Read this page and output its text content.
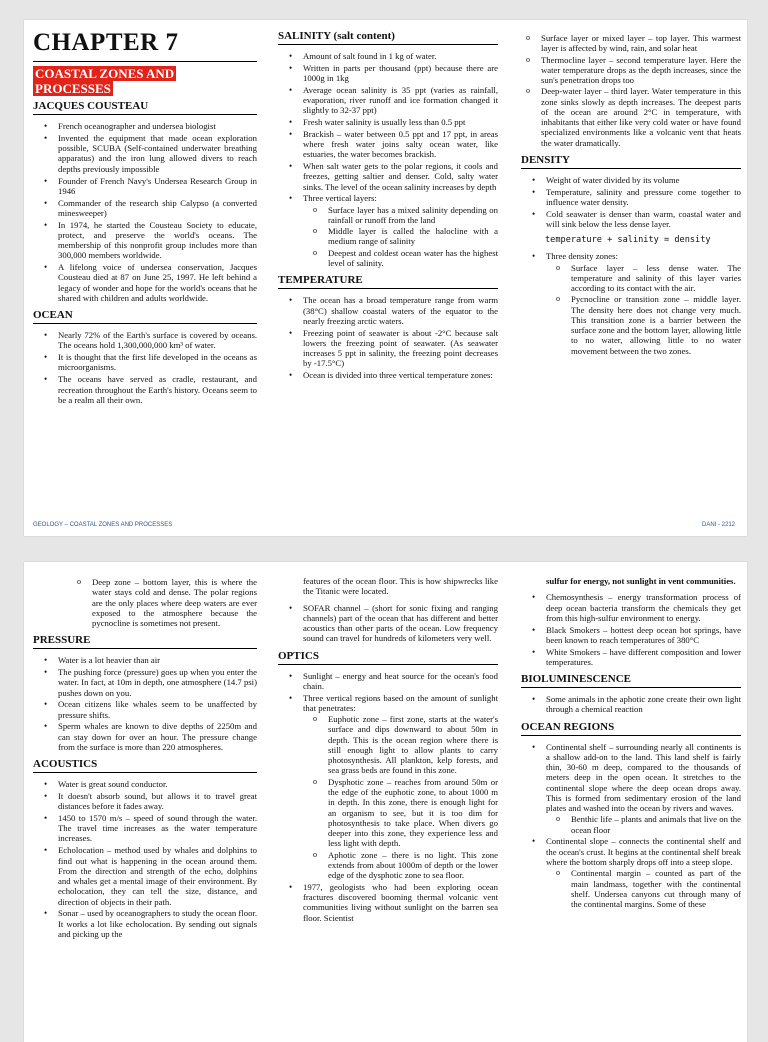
CHAPTER 7
COASTAL ZONES AND PROCESSES
JACQUES COUSTEAU
• French oceanographer and undersea biologist
• Invented the equipment that made ocean exploration possible, SCUBA (Self-contained underwater breathing apparatus) and the iron lung allowed divers to reach depths previously impossible
• Founder of French Navy's Undersea Research Group in 1946
• Commander of the research ship Calypso (a converted minesweeper)
• In 1974, he started the Cousteau Society to educate, protect, and preserve the world's oceans. The membership of this nonprofit group includes more than 300,000 members worldwide.
• A lifelong voice of undersea conservation, Jacques Cousteau died at 87 on June 25, 1997. He left behind a legacy of wonder and hope for the world's oceans that he shared with children and adults worldwide.
OCEAN
• Nearly 72% of the Earth's surface is covered by oceans. The oceans hold 1,300,000,000 km³ of water.
• It is thought that the first life developed in the oceans as microorganisms.
• The oceans have served as cradle, restaurant, and recreation throughout the Earth's history. Oceans seem to be a realm all their own.
SALINITY (salt content)
• Amount of salt found in 1 kg of water.
• Written in parts per thousand (ppt) because there are 1000g in 1kg
• Average ocean salinity is 35 ppt (varies as rainfall, evaporation, river runoff and ice formation changed it slightly to 32-37 ppt)
• Fresh water salinity is usually less than 0.5 ppt
• Brackish – water between 0.5 ppt and 17 ppt, in areas where fresh water joins salty ocean water, like estuaries, the water becomes brackish.
• When salt water gets to the polar regions, it cools and freezes, getting saltier and denser. Cold, salty water sinks. The level of the ocean salinity increases by depth
• Three vertical layers:
o Surface layer has a mixed salinity depending on rainfall or runoff from the land
o Middle layer is called the halocline with a medium range of salinity
o Deepest and coldest ocean water has the highest level of salinity.
TEMPERATURE
• The ocean has a broad temperature range from warm (38°C) shallow coastal waters of the equator to the nearly freezing arctic waters.
• Freezing point of seawater is about -2°C because salt lowers the freezing point of seawater. (As seawater increases 5 ppt in salinity, the freezing point decreases by -17.5°C)
• Ocean is divided into three vertical temperature zones:
o Surface layer or mixed layer – top layer. This warmest layer is affected by wind, rain, and solar heat
o Thermocline layer – second temperature layer. Here the water temperature drops as the depth increases, since the sun's penetration drops too
o Deep-water layer – third layer. Water temperature in this zone sinks slowly as depth increases. The deepest parts of the ocean are around 2°C in temperature, with inhabitants that either like very cold water or have found specialized environments like a volcanic vent that heats the water dramatically.
DENSITY
• Weight of water divided by its volume
• Temperature, salinity and pressure come together to influence water density.
• Cold seawater is denser than warm, coastal water and will sink below the less dense layer.
temperature + salinity = density
• Three density zones:
o Surface layer – less dense water. The temperature and salinity of this layer varies according to its contact with the air.
o Pycnocline or transition zone – middle layer. The density here does not change very much. This transition zone is a barrier between the surface zone and the bottom layer, allowing little to no water, allowing little to no water movement between the two zones.
GEOLOGY – COASTAL ZONES AND PROCESSES	DANI - 2212
o Deep zone – bottom layer, this is where the water stays cold and dense. The polar regions are the only places where deep waters are ever exposed to the atmosphere because the pycnocline is sometimes not present.
PRESSURE
• Water is a lot heavier than air
• The pushing force (pressure) goes up when you enter the water. In fact, at 10m in depth, one atmosphere (14.7 psi) pushes down on you.
• Ocean citizens like whales seem to be unaffected by pressure shifts.
• Sperm whales are known to dive depths of 2250m and can stay down for over an hour. The pressure change from the surface is more than 220 atmospheres.
ACOUSTICS
• Water is great sound conductor.
• It doesn't absorb sound, but allows it to travel great distances before it fades away.
• 1450 to 1570 m/s – speed of sound through the water. The travel time increases as the water temperature increases.
• Echolocation – method used by whales and dolphins to find out what is happening in the ocean around them. From the direction and strength of the echo, dolphins and whales get a mental image of their environment. By echolocation, they can tell the size, distance, and direction of objects in their path.
• Sonar – used by oceanographers to study the ocean floor. It works a lot like echolocation. By sending out signals and picking up the
features of the ocean floor. This is how shipwrecks like the Titanic were located.
• SOFAR channel – (short for sonic fixing and ranging channels) part of the ocean that has different and better acoustics than other parts of the ocean. Low frequency sound can travel for hundreds of kilometers very well.
OPTICS
• Sunlight – energy and heat source for the ocean's food chain.
• Three vertical regions based on the amount of sunlight that penetrates:
o Euphotic zone – first zone, starts at the water's surface and dips downward to about 50m in depth. This is the ocean region where there is still enough light to allow plants to carry photosynthesis. All plankton, kelp forests, and sea grass beds are found in this zone.
o Dysphotic zone – reaches from around 50m or the edge of the euphotic zone, to about 1000 m in depth. In this zone, there is enough light for an organism to see, but it is too dim for photosynthesis to take place. When divers go deeper into this zone, they experience less and less light with depth.
o Aphotic zone – there is no light. This zone extends from about 1000m of depth or the lower edge of the dysphotic zone to sea floor.
• 1977, geologists who had been exploring ocean fractures discovered booming thermal volcanic vent communities living without sunlight on the barren sea floor. Scientist
sulfur for energy, not sunlight in vent communities.
• Chemosynthesis – energy transformation process of deep ocean bacteria transform the chemicals they get from this high-sulfur environment to energy.
• Black Smokers – hottest deep ocean hot springs, have been known to reach temperatures of 380°C
• White Smokers – have different composition and lower temperatures.
BIOLUMINESCENCE
• Some animals in the aphotic zone create their own light through a chemical reaction
OCEAN REGIONS
• Continental shelf – surrounding nearly all continents is a shallow add-on to the land. This land shelf is fairly thin, 30-60 m deep, compared to the thousands of meters deep in the open ocean. It stretches to the continental slope where the deep ocean drops away. This is formed from sedimentary erosion of the land plates and washed into the ocean by rivers and waves.
o Benthic life – plants and animals that live on the ocean floor
• Continental slope – connects the continental shelf and the ocean's crust. It begins at the continental shelf break where the bottom sharply drops off into a steep slope.
o Continental margin – counted as part of the main landmass, together with the continental shelf. Undersea canyons cut through many of the continental margins. Some of these
